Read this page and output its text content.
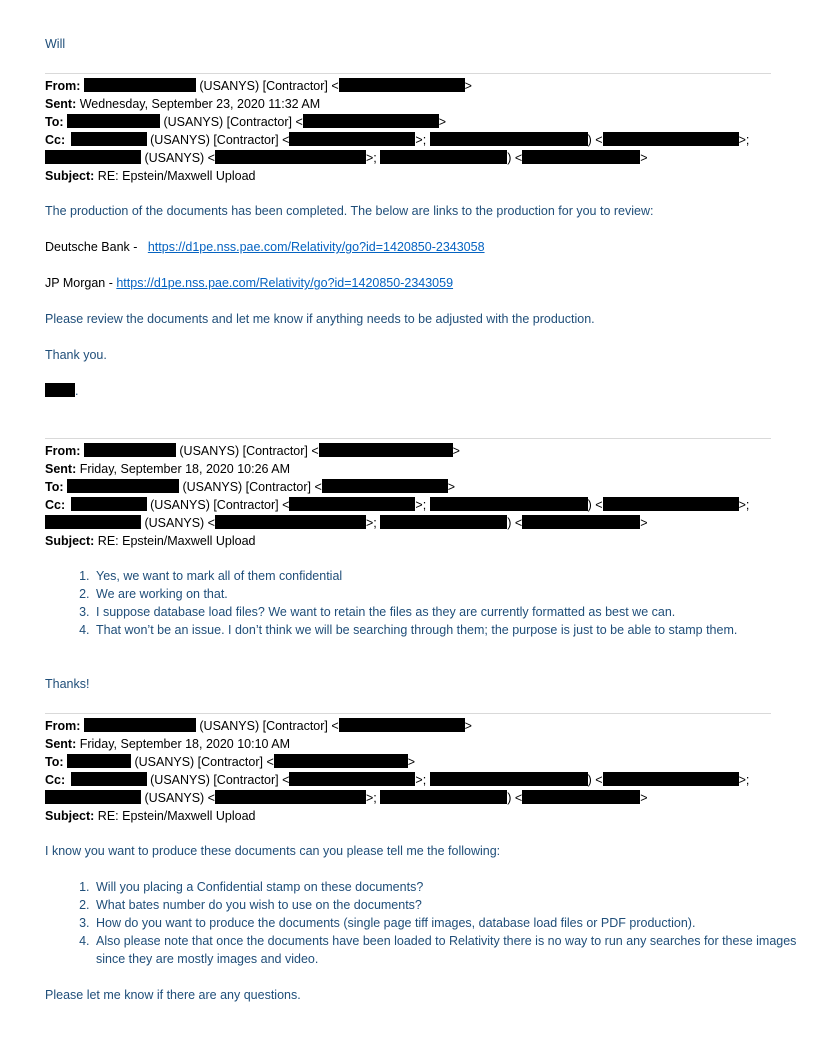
Will
From:	(USANYS) [Contractor] <	>
Sent: Wednesday, September 23, 2020 11:32 AM
To:	(USANYS) [Contractor] <	>
Cc:	(USANYS) [Contractor] <	>;	) <	>;
(USANYS) <	>;	) <	>
Subject: RE: Epstein/Maxwell Upload
The production of the documents has been completed. The below are links to the production for you to review:
Deutsche Bank - https://d1pe.nss.pae.com/Relativity/go?id=1420850-2343058
JP Morgan - https://d1pe.nss.pae.com/Relativity/go?id=1420850-2343059
Please review the documents and let me know if anything needs to be adjusted with the production.
Thank you.
.
From:	(USANYS) [Contractor] <	>
Sent: Friday, September 18, 2020 10:26 AM
To:	(USANYS) [Contractor] <	>
Cc:	(USANYS) [Contractor] <	>;	) <	>;
(USANYS) <	>;	) <	>
Subject: RE: Epstein/Maxwell Upload
1. Yes, we want to mark all of them confidential
2. We are working on that.
3. I suppose database load files? We want to retain the files as they are currently formatted as best we can.
4. That won’t be an issue. I don’t think we will be searching through them; the purpose is just to be able to stamp them.
Thanks!
From:	(USANYS) [Contractor] <	>
Sent: Friday, September 18, 2020 10:10 AM
To:	(USANYS) [Contractor] <	>
Cc:	(USANYS) [Contractor] <	>;	) <	>;
(USANYS) <	>;	) <	>
Subject: RE: Epstein/Maxwell Upload
I know you want to produce these documents can you please tell me the following:
1. Will you placing a Confidential stamp on these documents?
2. What bates number do you wish to use on the documents?
3. How do you want to produce the documents (single page tiff images, database load files or PDF production).
4. Also please note that once the documents have been loaded to Relativity there is no way to run any searches for these images since they are mostly images and video.
Please let me know if there are any questions.
